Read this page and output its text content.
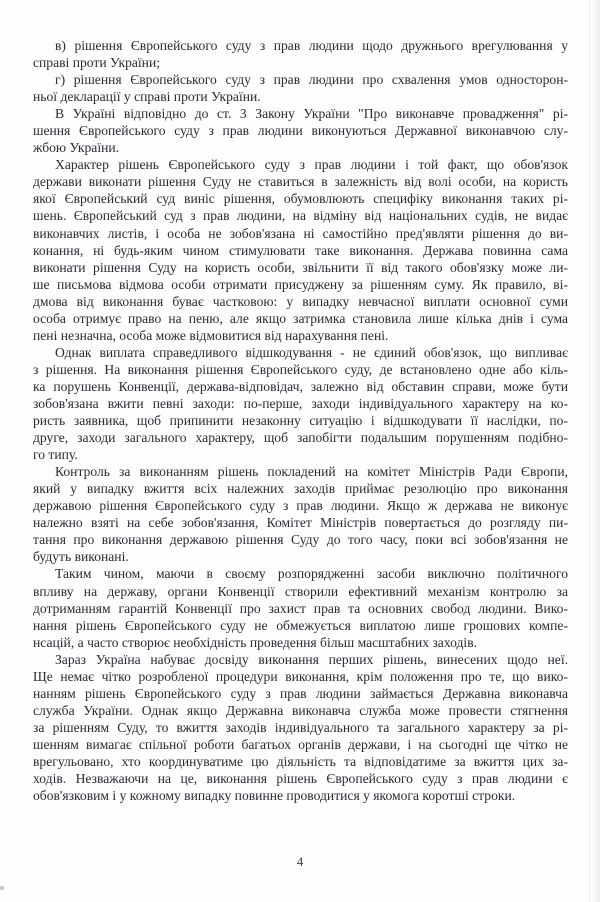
в) рішення Європейського суду з прав людини щодо дружнього врегулювання у
справі проти України;
г) рішення Європейського суду з прав людини про схвалення умов односторон-
ньої декларації у справі проти України.
В Україні відповідно до ст. 3 Закону України "Про виконавче провадження" рі-
шення Європейського суду з прав людини виконуються Державної виконавчою слу-
жбою України.
Характер рішень Європейського суду з прав людини і той факт, що обов'язок
держави виконати рішення Суду не ставиться в залежність від волі особи, на користь
якої Європейський суд виніс рішення, обумовлюють специфіку виконання таких рі-
шень. Європейський суд з прав людини, на відміну від національних судів, не видає
виконавчих листів, і особа не зобов'язана ні самостійно пред'являти рішення до ви-
конання, ні будь-яким чином стимулювати таке виконання. Держава повинна сама
виконати рішення Суду на користь особи, звільнити її від такого обов'язку може ли-
ше письмова відмова особи отримати присуджену за рішенням суму. Як правило, ві-
дмова від виконання буває частковою: у випадку невчасної виплати основної суми
особа отримує право на пеню, але якщо затримка становила лише кілька днів і сума
пені незначна, особа може відмовитися від нарахування пені.
Однак виплата справедливого відшкодування - не єдиний обов'язок, що випливає
з рішення. На виконання рішення Європейського суду, де встановлено одне або кіль-
ка порушень Конвенції, держава-відповідач, залежно від обставин справи, може бути
зобов'язана вжити певні заходи: по-перше, заходи індивідуального характеру на ко-
ристь заявника, щоб припинити незаконну ситуацію і відшкодувати її наслідки, по-
друге, заходи загального характеру, щоб запобігти подальшим порушенням подібно-
го типу.
Контроль за виконанням рішень покладений на комітет Міністрів Ради Європи,
який у випадку вжиття всіх належних заходів приймає резолюцію про виконання
державою рішення Європейського суду з прав людини. Якщо ж держава не виконує
належно взяті на себе зобов'язання, Комітет Міністрів повертається до розгляду пи-
тання про виконання державою рішення Суду до того часу, поки всі зобов'язання не
будуть виконані.
Таким чином, маючи в своєму розпорядженні засоби виключно політичного
впливу на державу, органи Конвенції створили ефективний механізм контролю за
дотриманням гарантій Конвенції про захист прав та основних свобод людини. Вико-
нання рішень Європейського суду не обмежується виплатою лише грошових компе-
нсацій, а часто створює необхідність проведення більш масштабних заходів.
Зараз Україна набуває досвіду виконання перших рішень, винесених щодо неї.
Ще немає чітко розробленої процедури виконання, крім положення про те, що вико-
нанням рішень Європейського суду з прав людини займається Державна виконавча
служба України. Однак якщо Державна виконавча служба може провести стягнення
за рішенням Суду, то вжиття заходів індивідуального та загального характеру за рі-
шенням вимагає спільної роботи багатьох органів держави, і на сьогодні ще чітко не
врегульовано, хто координуватиме цю діяльність та відповідатиме за вжиття цих за-
ходів. Незважаючи на це, виконання рішень Європейського суду з прав людини є
обов'язковим і у кожному випадку повинне проводитися у якомога коротші строки.
4
